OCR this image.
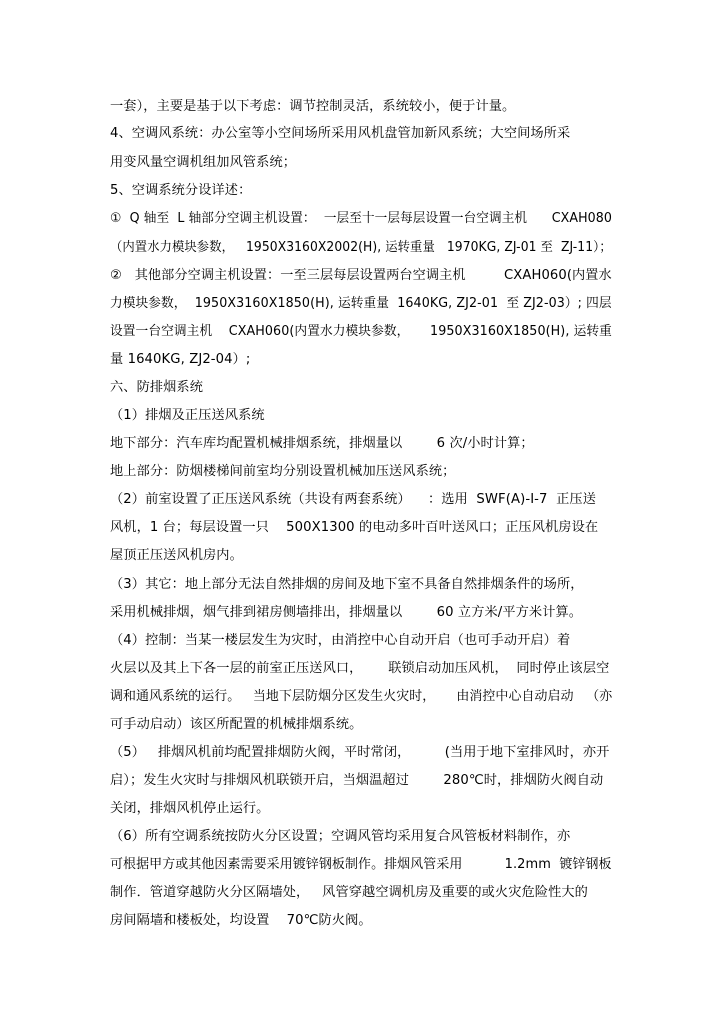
一套），主要是基于以下考虑：调节控制灵活，系统较小，便于计量。
4、空调风系统：办公室等小空间场所采用风机盘管加新风系统；大空间场所采
用变风量空调机组加风管系统；
5、空调系统分设详述：
①  Q 轴至  L 轴部分空调主机设置：  一层至十一层每层设置一台空调主机      CXAH080
（内置水力模块参数，   1950X3160X2002(H), 运转重量   1970KG, ZJ-01 至  ZJ-11）；
②   其他部分空调主机设置：一至三层每层设置两台空调主机         CXAH060(内置水
力模块参数，  1950X3160X1850(H), 运转重量  1640KG, ZJ2-01  至 ZJ2-03）; 四层
设置一台空调主机    CXAH060(内置水力模块参数，     1950X3160X1850(H), 运转重
量 1640KG, ZJ2-04）;
六、防排烟系统
（1）排烟及正压送风系统
地下部分：汽车库均配置机械排烟系统，排烟量以        6 次/小时计算；
地上部分：防烟楼梯间前室均分别设置机械加压送风系统；
（2）前室设置了正压送风系统（共设有两套系统）    ：选用  SWF(A)-Ⅰ-7  正压送
风机，1 台；每层设置一只    500X1300 的电动多叶百叶送风口；正压风机房设在
屋顶正压送风机房内。
（3）其它：地上部分无法自然排烟的房间及地下室不具备自然排烟条件的场所，
采用机械排烟，烟气排到裙房侧墙排出，排烟量以        60 立方米/平方米计算。
（4）控制：当某一楼层发生为灾时，由消控中心自动开启（也可手动开启）着
火层以及其上下各一层的前室正压送风口，      联锁启动加压风机，  同时停止该层空
调和通风系统的运行。   当地下层防烟分区发生火灾时，     由消控中心自动启动   （亦
可手动启动）该区所配置的机械排烟系统。
（5）   排烟风机前均配置排烟防火阀，平时常闭，        (当用于地下室排风时，亦开
启）；发生火灾时与排烟风机联锁开启，当烟温超过        280℃时，排烟防火阀自动
关闭，排烟风机停止运行。
（6）所有空调系统按防火分区设置；空调风管均采用复合风管板材料制作，亦
可根据甲方或其他因素需要采用镀锌钢板制作。排烟风管采用          1.2mm  镀锌钢板
制作．管道穿越防火分区隔墙处，   风管穿越空调机房及重要的或火灾危险性大的
房间隔墙和楼板处，均设置    70℃防火阀。
